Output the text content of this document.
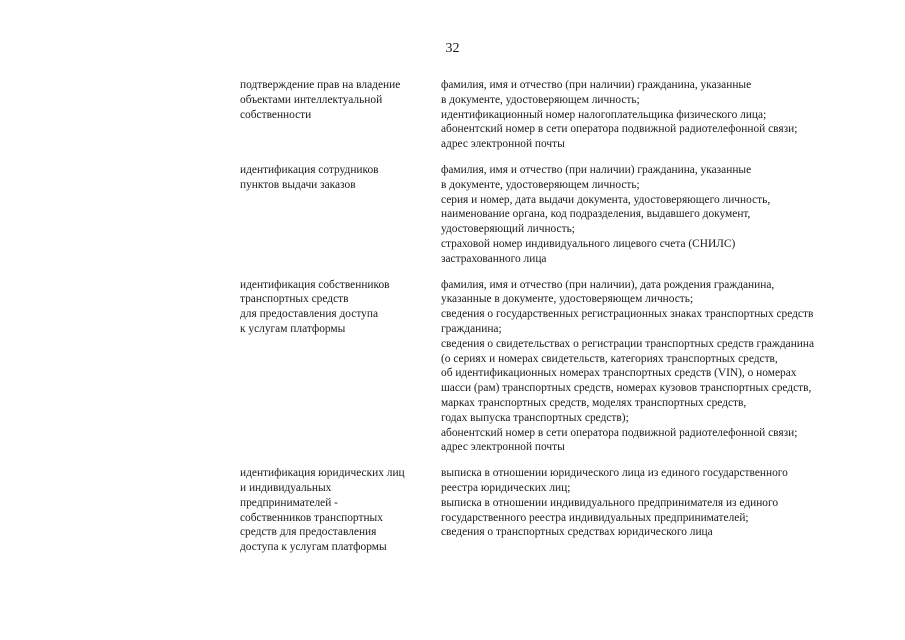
32
подтверждение прав на владение
объектами интеллектуальной
собственности
фамилия, имя и отчество (при наличии) гражданина, указанные
в документе, удостоверяющем личность;
идентификационный номер налогоплательщика физического лица;
абонентский номер в сети оператора подвижной радиотелефонной связи;
адрес электронной почты
идентификация сотрудников
пунктов выдачи заказов
фамилия, имя и отчество (при наличии) гражданина, указанные
в документе, удостоверяющем личность;
серия и номер, дата выдачи документа, удостоверяющего личность,
наименование органа, код подразделения, выдавшего документ,
удостоверяющий личность;
страховой номер индивидуального лицевого счета (СНИЛС)
застрахованного лица
идентификация собственников
транспортных средств
для предоставления доступа
к услугам платформы
фамилия, имя и отчество (при наличии), дата рождения гражданина,
указанные в документе, удостоверяющем личность;
сведения о государственных регистрационных знаках транспортных средств
гражданина;
сведения о свидетельствах о регистрации транспортных средств гражданина
(о сериях и номерах свидетельств, категориях транспортных средств,
об идентификационных номерах транспортных средств (VIN), о номерах
шасси (рам) транспортных средств, номерах кузовов транспортных средств,
марках транспортных средств, моделях транспортных средств,
годах выпуска транспортных средств);
абонентский номер в сети оператора подвижной радиотелефонной связи;
адрес электронной почты
идентификация юридических лиц
и индивидуальных
предпринимателей -
собственников транспортных
средств для предоставления
доступа к услугам платформы
выписка в отношении юридического лица из единого государственного
реестра юридических лиц;
выписка в отношении индивидуального предпринимателя из единого
государственного реестра индивидуальных предпринимателей;
сведения о транспортных средствах юридического лица
